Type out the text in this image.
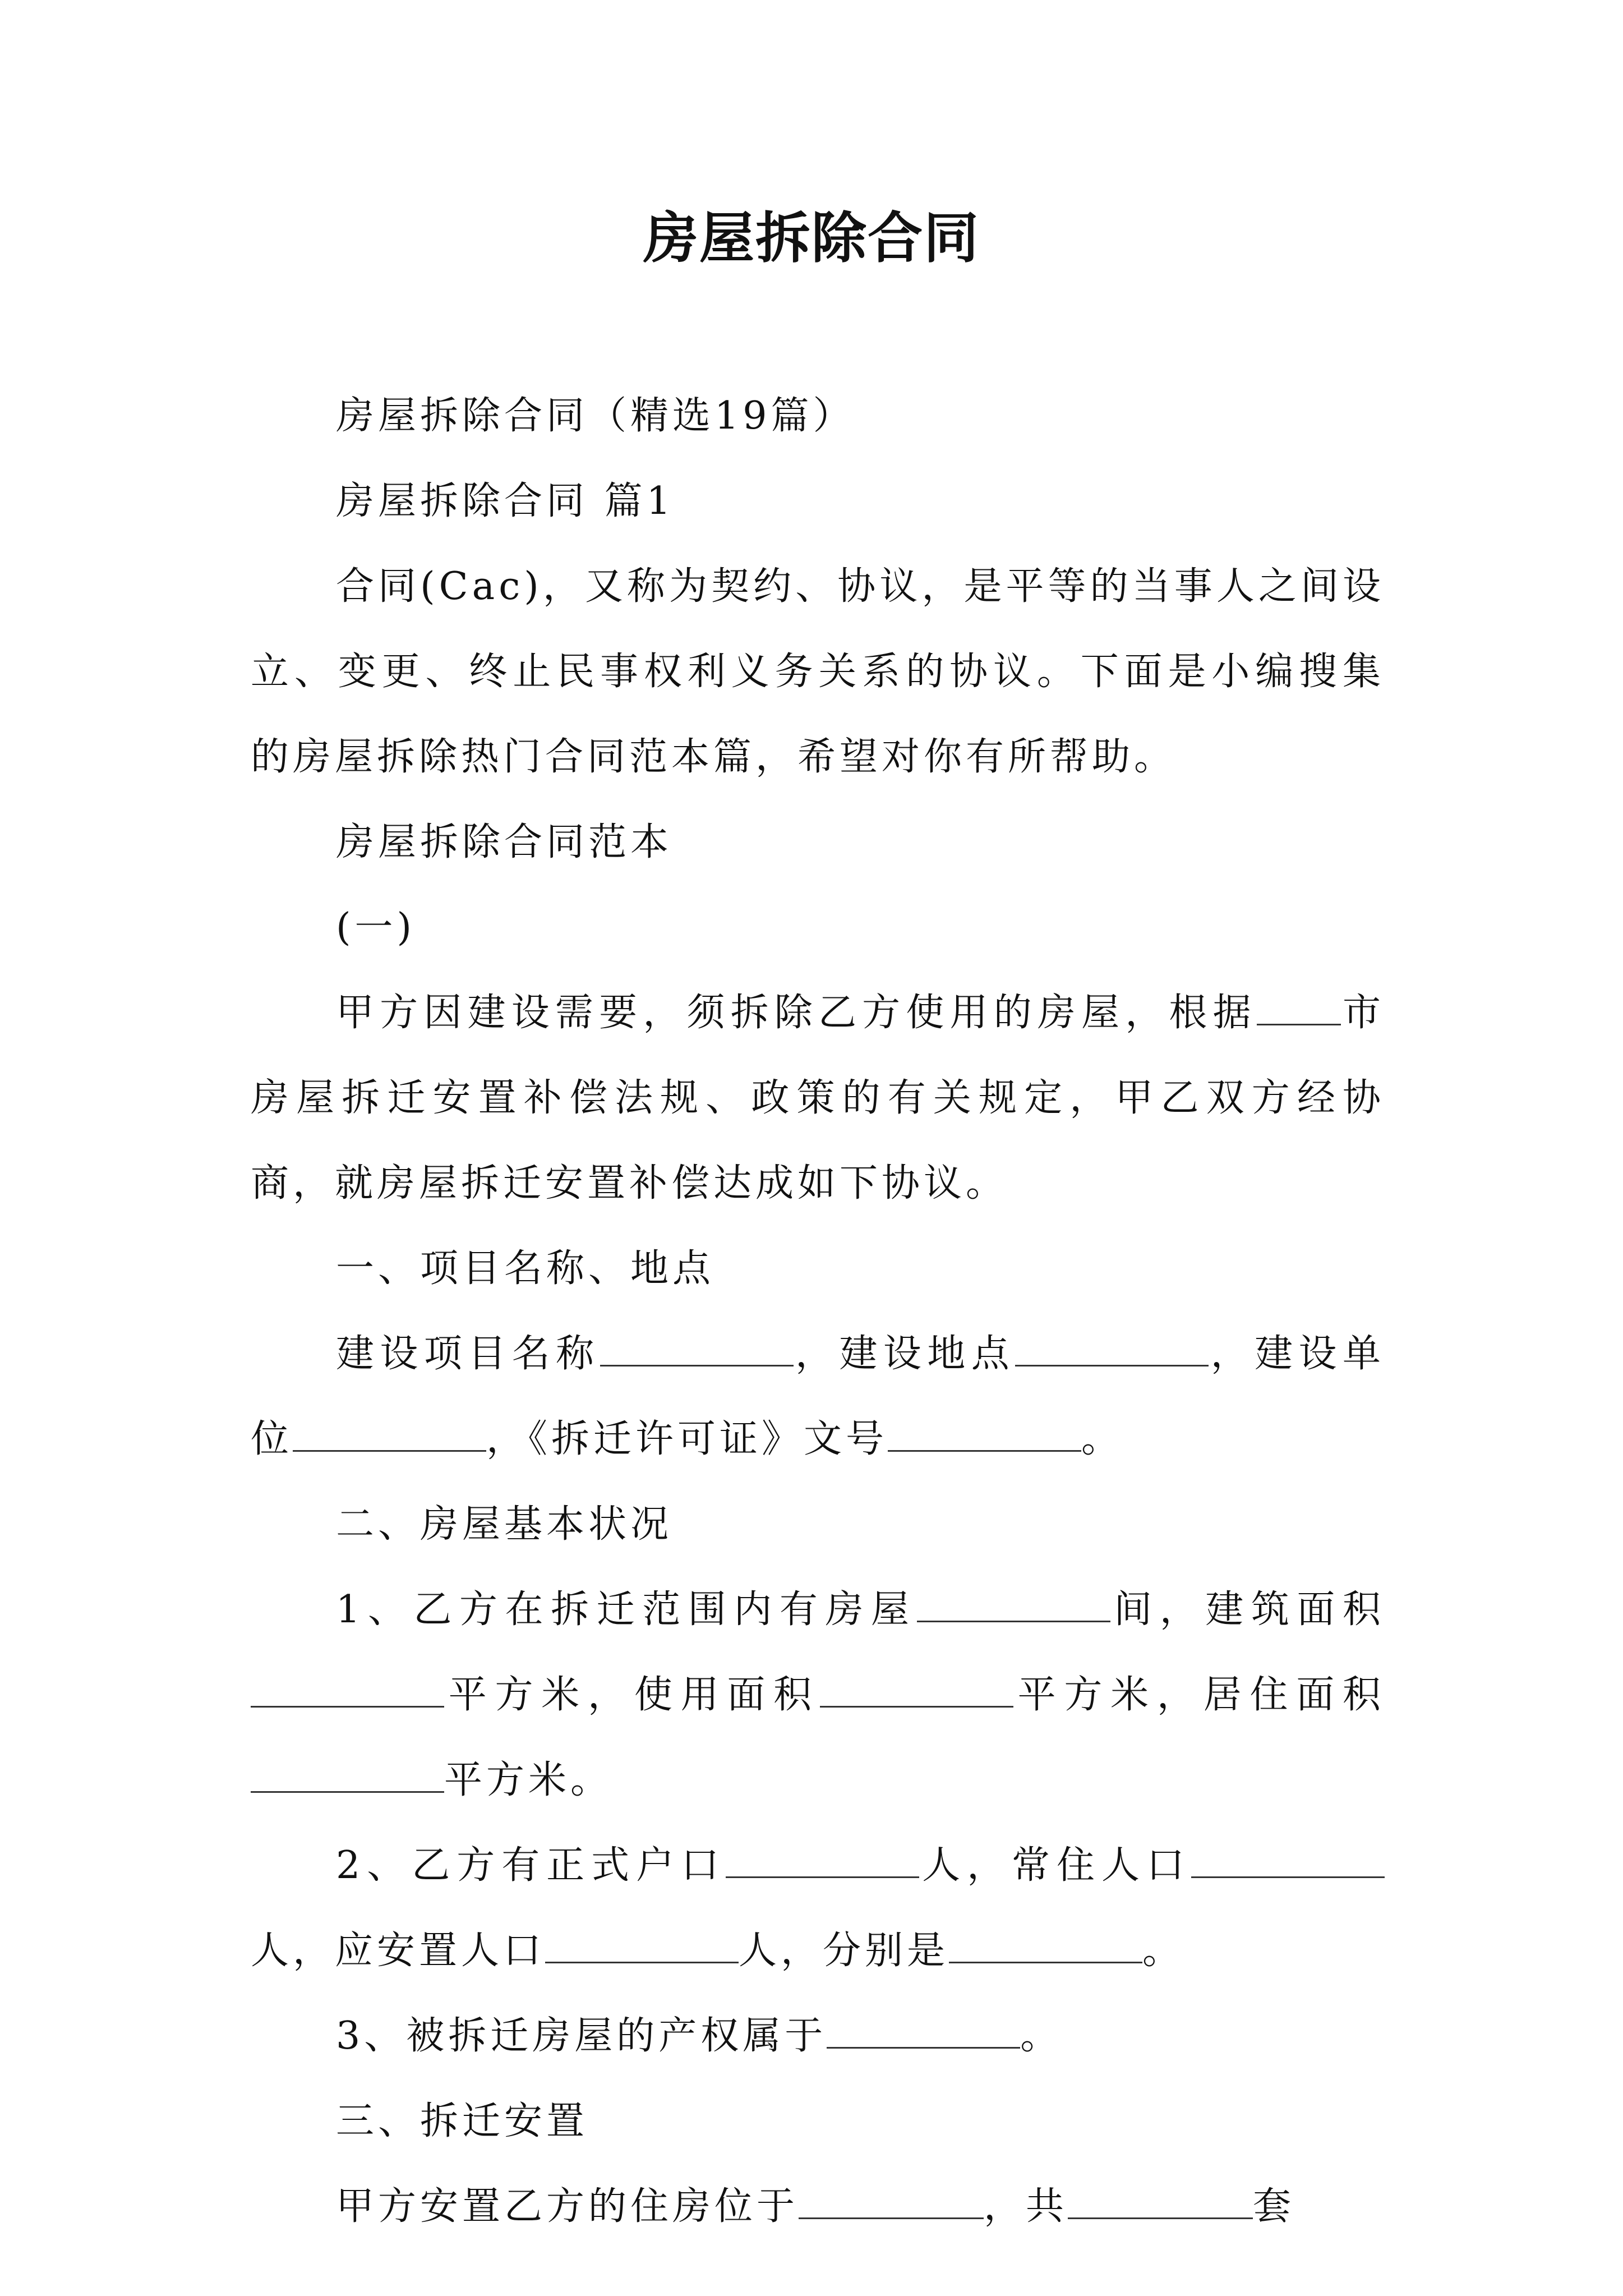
房屋拆除合同

房屋拆除合同（精选19篇）

房屋拆除合同 篇1

合同(Cac)，又称为契约、协议，是平等的当事人之间设立、变更、终止民事权利义务关系的协议。下面是小编搜集的房屋拆除热门合同范本篇，希望对你有所帮助。

房屋拆除合同范本

(一)

甲方因建设需要，须拆除乙方使用的房屋，根据 市房屋拆迁安置补偿法规、政策的有关规定，甲乙双方经协商，就房屋拆迁安置补偿达成如下协议。

一、项目名称、地点

建设项目名称	，建设地点	，建设单位	，《拆迁许可证》文号	。

二、房屋基本状况

1、乙方在拆迁范围内有房屋	间，建筑面积平方米，使用面积	平方米，居住面积平方米。

2、乙方有正式户口	人，常住人口人，应安置人口	人，分别是	。

3、被拆迁房屋的产权属于	。

三、拆迁安置

甲方安置乙方的住房位于	，共	套
